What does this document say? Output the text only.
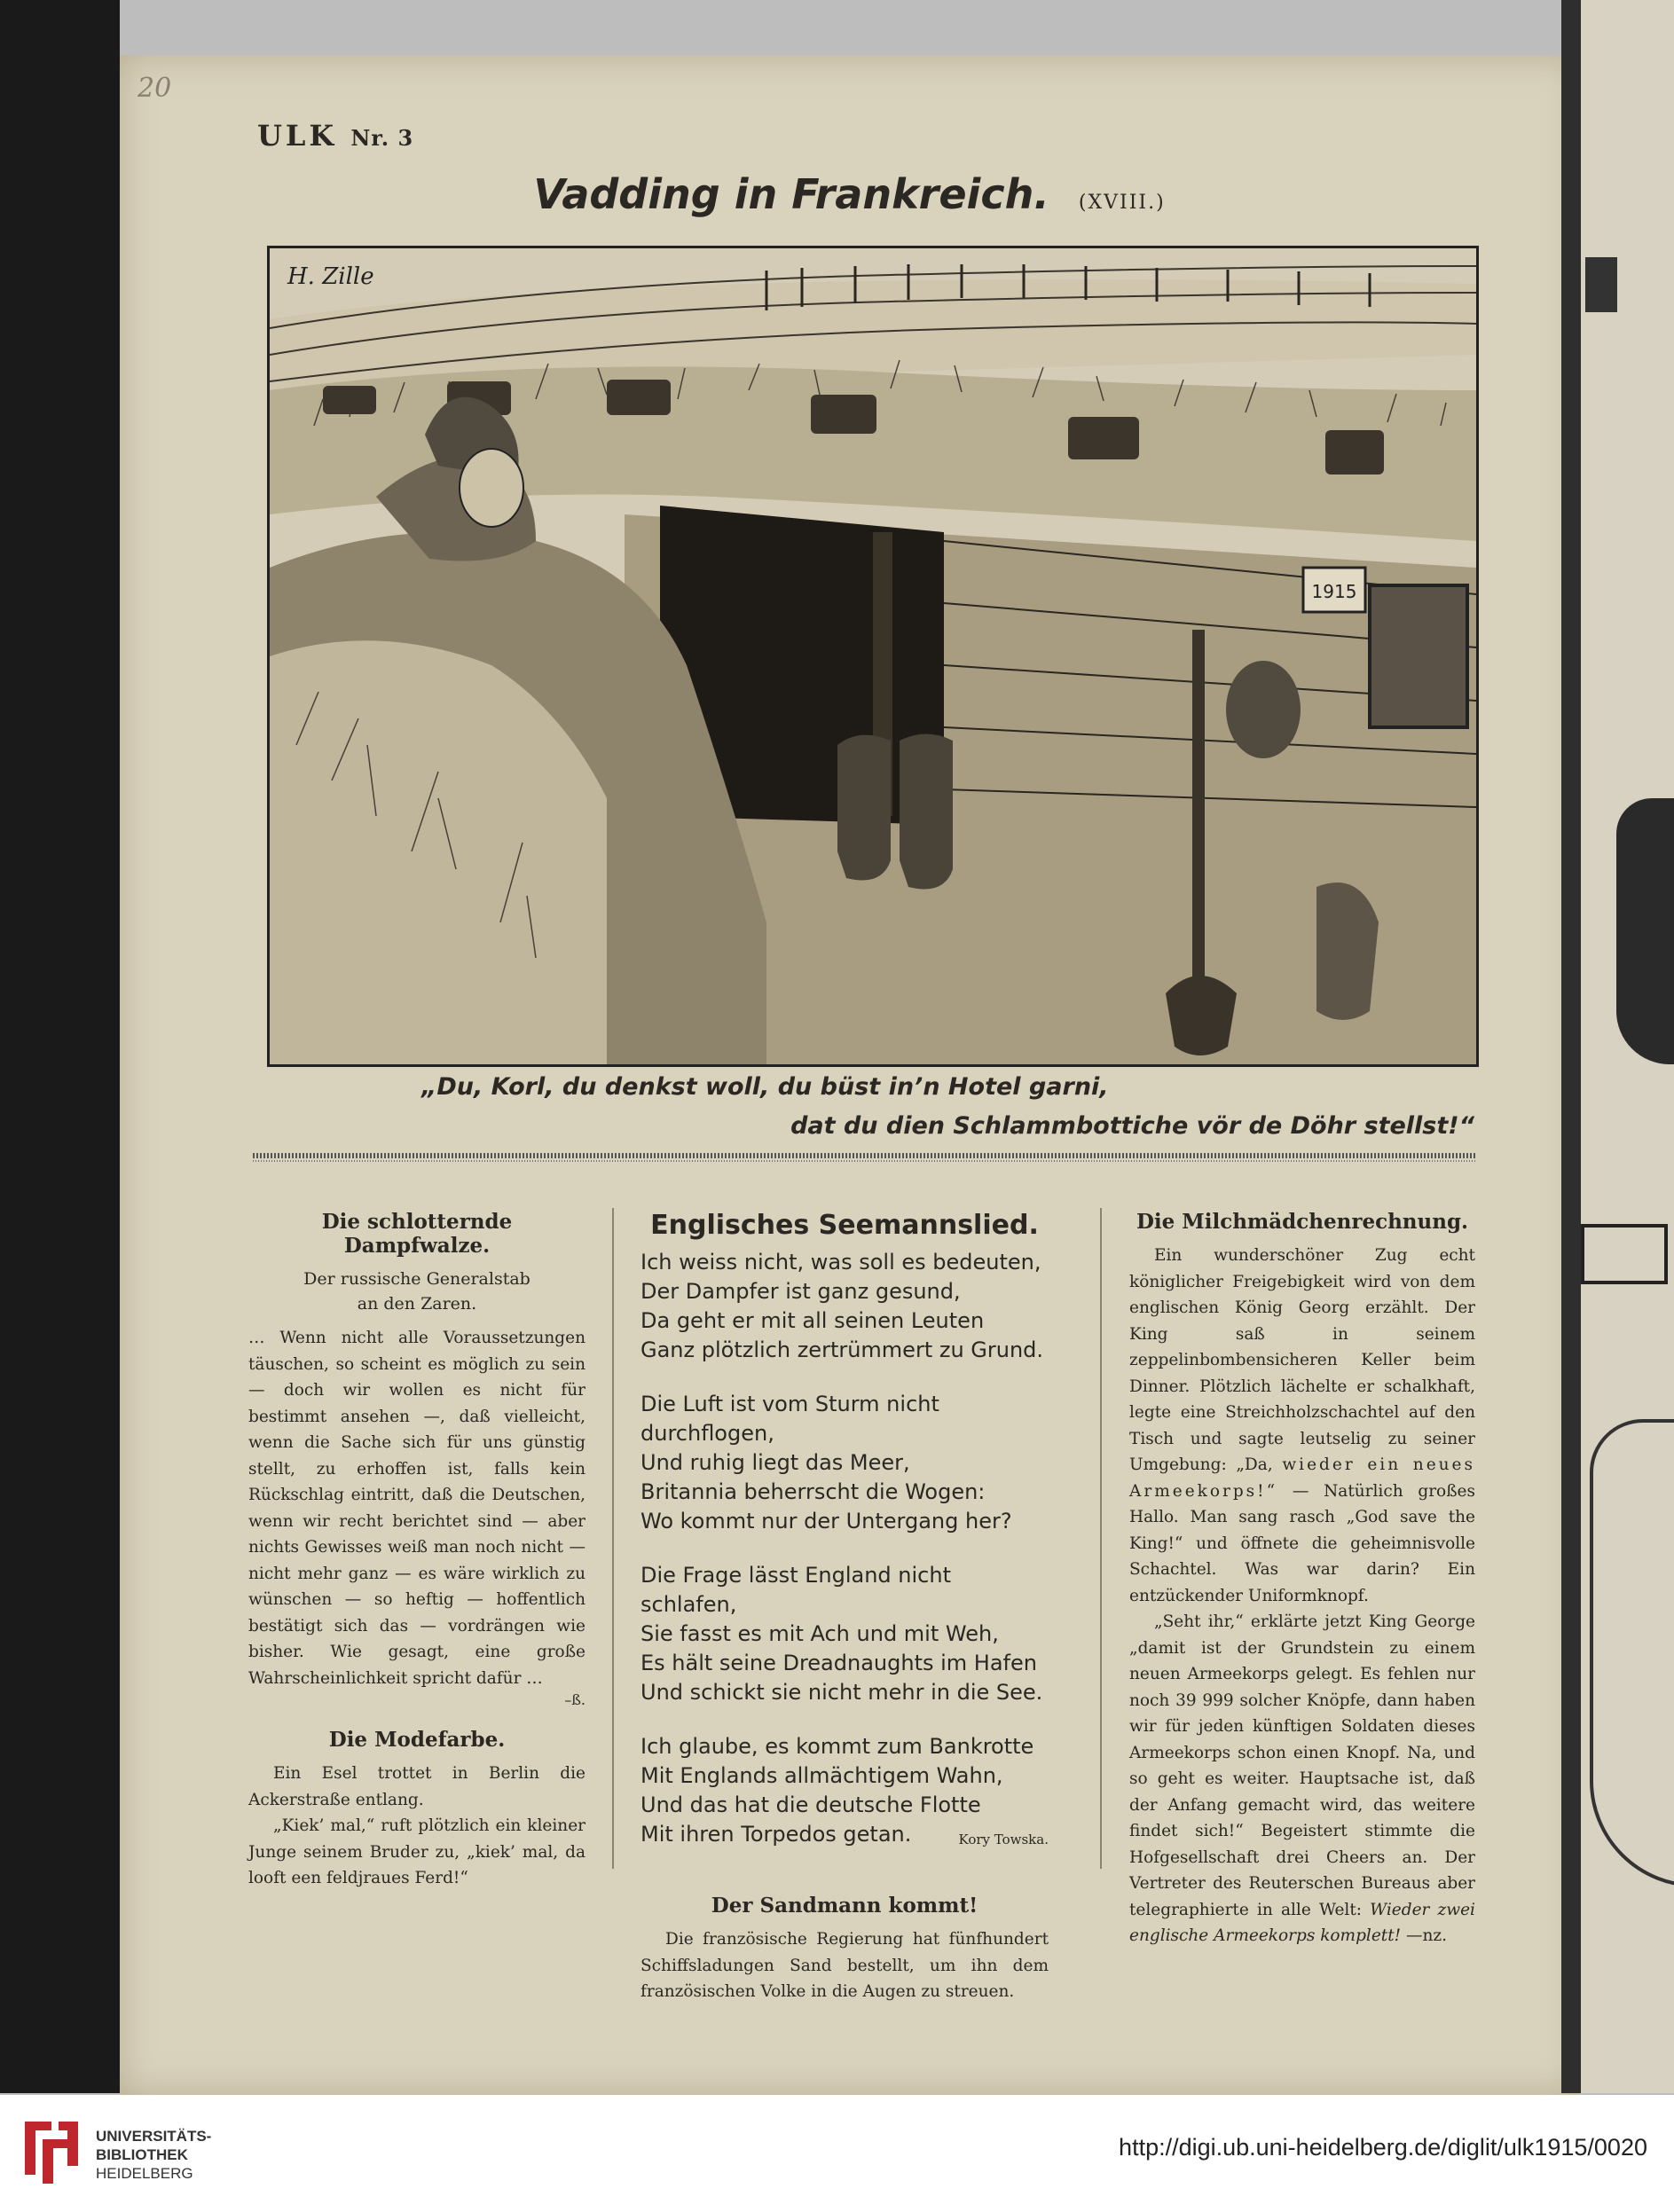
20
ULK Nr. 3
Vadding in Frankreich. (XVIII.)
1915
H. Zille
„Du, Korl, du denkst woll, du büst in’n Hotel garni,
dat du dien Schlammbottiche vör de Döhr stellst!“
Die schlotternde Dampfwalze.
Der russische Generalstab
an den Zaren.
… Wenn nicht alle Voraussetzungen täuschen, so scheint es möglich zu sein — doch wir wollen es nicht für bestimmt ansehen —, daß vielleicht, wenn die Sache sich für uns günstig stellt, zu erhoffen ist, falls kein Rückschlag eintritt, daß die Deutschen, wenn wir recht berichtet sind — aber nichts Gewisses weiß man noch nicht — nicht mehr ganz — es wäre wirklich zu wünschen — so heftig — hoffentlich bestätigt sich das — vordrängen wie bisher. Wie gesagt, eine große Wahrscheinlichkeit spricht dafür …
–ß.
Die Modefarbe.
Ein Esel trottet in Berlin die Ackerstraße entlang.
„Kiek’ mal,“ ruft plötzlich ein kleiner Junge seinem Bruder zu, „kiek’ mal, da looft een feldjraues Ferd!“
Englisches Seemannslied.
Ich weiss nicht, was soll es bedeuten,
Der Dampfer ist ganz gesund,
Da geht er mit all seinen Leuten
Ganz plötzlich zertrümmert zu Grund.
Die Luft ist vom Sturm nicht durchflogen,
Und ruhig liegt das Meer,
Britannia beherrscht die Wogen:
Wo kommt nur der Untergang her?
Die Frage lässt England nicht schlafen,
Sie fasst es mit Ach und mit Weh,
Es hält seine Dreadnaughts im Hafen
Und schickt sie nicht mehr in die See.
Ich glaube, es kommt zum Bankrotte
Mit Englands allmächtigem Wahn,
Und das hat die deutsche Flotte
Mit ihren Torpedos getan.	Kory Towska.
Der Sandmann kommt!
Die französische Regierung hat fünfhundert Schiffsladungen Sand bestellt, um ihn dem französischen Volke in die Augen zu streuen.
Die Milchmädchenrechnung.
Ein wunderschöner Zug echt königlicher Freigebigkeit wird von dem englischen König Georg erzählt. Der King saß in seinem zeppelinbombensicheren Keller beim Dinner. Plötzlich lächelte er schalkhaft, legte eine Streichholzschachtel auf den Tisch und sagte leutselig zu seiner Umgebung: „Da, wieder ein neues Armeekorps!“ — Natürlich großes Hallo. Man sang rasch „God save the King!“ und öffnete die geheimnisvolle Schachtel. Was war darin? Ein entzückender Uniformknopf.
„Seht ihr,“ erklärte jetzt King George „damit ist der Grundstein zu einem neuen Armeekorps gelegt. Es fehlen nur noch 39 999 solcher Knöpfe, dann haben wir für jeden künftigen Soldaten dieses Armeekorps schon einen Knopf. Na, und so geht es weiter. Hauptsache ist, daß der Anfang gemacht wird, das weitere findet sich!“ Begeistert stimmte die Hofgesellschaft drei Cheers an. Der Vertreter des Reuterschen Bureaus aber telegraphierte in alle Welt: Wieder zwei englische Armeekorps komplett! —nz.
UNIVERSITÄTS-
BIBLIOTHEK
HEIDELBERG
http://digi.ub.uni-heidelberg.de/diglit/ulk1915/0020
